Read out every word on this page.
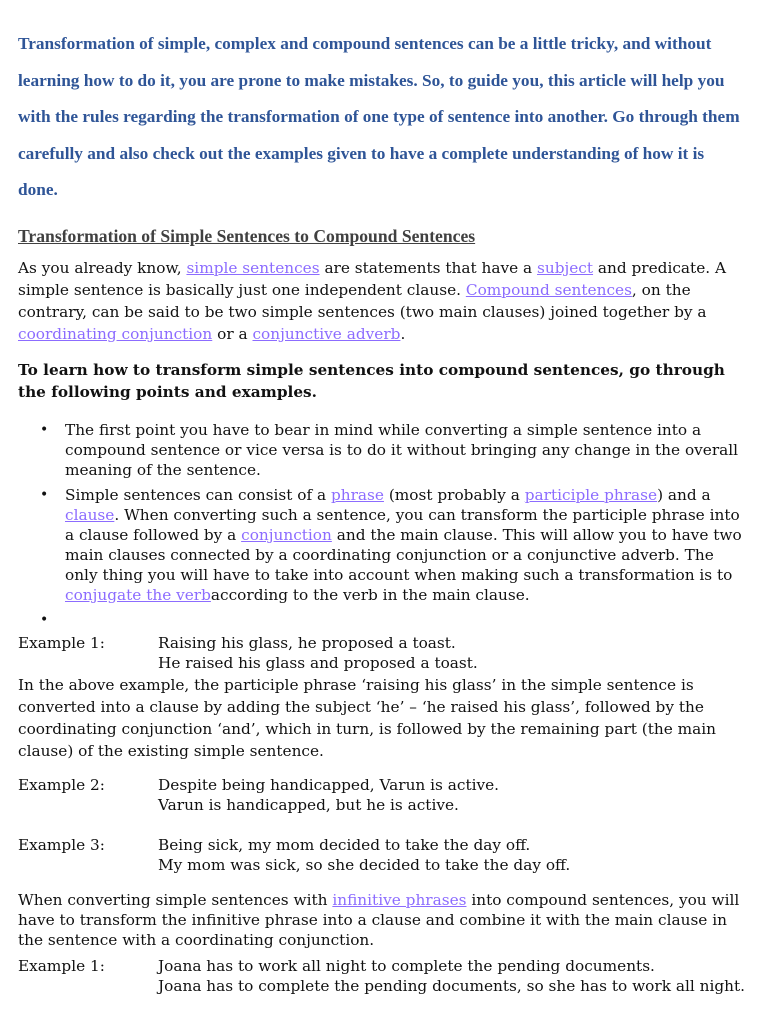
Transformation of simple, complex and compound sentences can be a little tricky, and without learning how to do it, you are prone to make mistakes. So, to guide you, this article will help you with the rules regarding the transformation of one type of sentence into another. Go through them carefully and also check out the examples given to have a complete understanding of how it is done.
Transformation of Simple Sentences to Compound Sentences
As you already know, simple sentences are statements that have a subject and predicate. A simple sentence is basically just one independent clause. Compound sentences, on the contrary, can be said to be two simple sentences (two main clauses) joined together by a coordinating conjunction or a conjunctive adverb.
To learn how to transform simple sentences into compound sentences, go through the following points and examples.
• The first point you have to bear in mind while converting a simple sentence into a compound sentence or vice versa is to do it without bringing any change in the overall meaning of the sentence.
• Simple sentences can consist of a phrase (most probably a participle phrase) and a clause. When converting such a sentence, you can transform the participle phrase into a clause followed by a conjunction and the main clause. This will allow you to have two main clauses connected by a coordinating conjunction or a conjunctive adverb. The only thing you will have to take into account when making such a transformation is to conjugate the verbaccording to the verb in the main clause.
•
Example 1:	Raising his glass, he proposed a toast.
He raised his glass and proposed a toast.
In the above example, the participle phrase ‘raising his glass’ in the simple sentence is converted into a clause by adding the subject ‘he’ – ‘he raised his glass’, followed by the coordinating conjunction ‘and’, which in turn, is followed by the remaining part (the main clause) of the existing simple sentence.
Example 2:	Despite being handicapped, Varun is active.
Varun is handicapped, but he is active.
Example 3:	Being sick, my mom decided to take the day off.
My mom was sick, so she decided to take the day off.
When converting simple sentences with infinitive phrases into compound sentences, you will have to transform the infinitive phrase into a clause and combine it with the main clause in the sentence with a coordinating conjunction.
Example 1:	Joana has to work all night to complete the pending documents.
Joana has to complete the pending documents, so she has to work all night.
